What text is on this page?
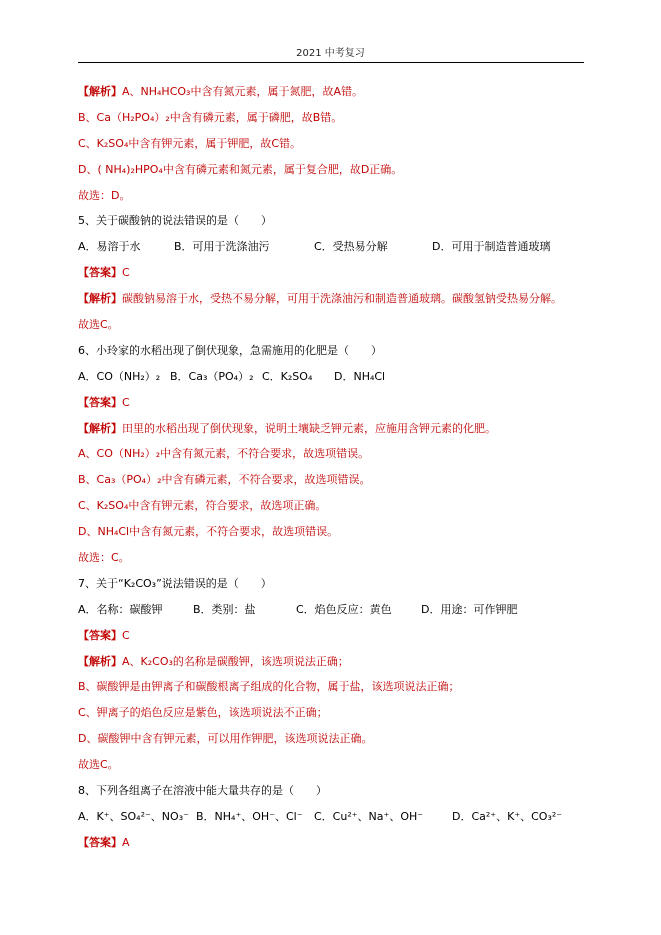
2021 中考复习
【解析】A、NH₄HCO₃中含有氮元素，属于氮肥，故A错。
B、Ca（H₂PO₄）₂中含有磷元素，属于磷肥，故B错。
C、K₂SO₄中含有钾元素，属于钾肥，故C错。
D、( NH₄)₂HPO₄中含有磷元素和氮元素，属于复合肥，故D正确。
故选：D。
5、关于碳酸钠的说法错误的是（　　）
A．易溶于水	B．可用于洗涤油污	C．受热易分解	D．可用于制造普通玻璃
【答案】C
【解析】碳酸钠易溶于水，受热不易分解，可用于洗涤油污和制造普通玻璃。碳酸氢钠受热易分解。
故选C。
6、小玲家的水稻出现了倒伏现象，急需施用的化肥是（　　）
A．CO（NH₂）₂ B．Ca₃（PO₄）₂ C．K₂SO₄ D．NH₄Cl
【答案】C
【解析】田里的水稻出现了倒伏现象，说明土壤缺乏钾元素，应施用含钾元素的化肥。
A、CO（NH₂）₂中含有氮元素，不符合要求，故选项错误。
B、Ca₃（PO₄）₂中含有磷元素，不符合要求，故选项错误。
C、K₂SO₄中含有钾元素，符合要求，故选项正确。
D、NH₄Cl中含有氮元素，不符合要求，故选项错误。
故选：C。
7、关于“K₂CO₃”说法错误的是（　　）
A．名称：碳酸钾	B．类别：盐	C．焰色反应：黄色	D．用途：可作钾肥
【答案】C
【解析】A、K₂CO₃的名称是碳酸钾，该选项说法正确；
B、碳酸钾是由钾离子和碳酸根离子组成的化合物，属于盐，该选项说法正确；
C、钾离子的焰色反应是紫色，该选项说法不正确；
D、碳酸钾中含有钾元素，可以用作钾肥，该选项说法正确。
故选C。
8、下列各组离子在溶液中能大量共存的是（　　）
A．K⁺、SO₄²⁻、NO₃⁻ B．NH₄⁺、OH⁻、Cl⁻ C．Cu²⁺、Na⁺、OH⁻	D．Ca²⁺、K⁺、CO₃²⁻
【答案】A
